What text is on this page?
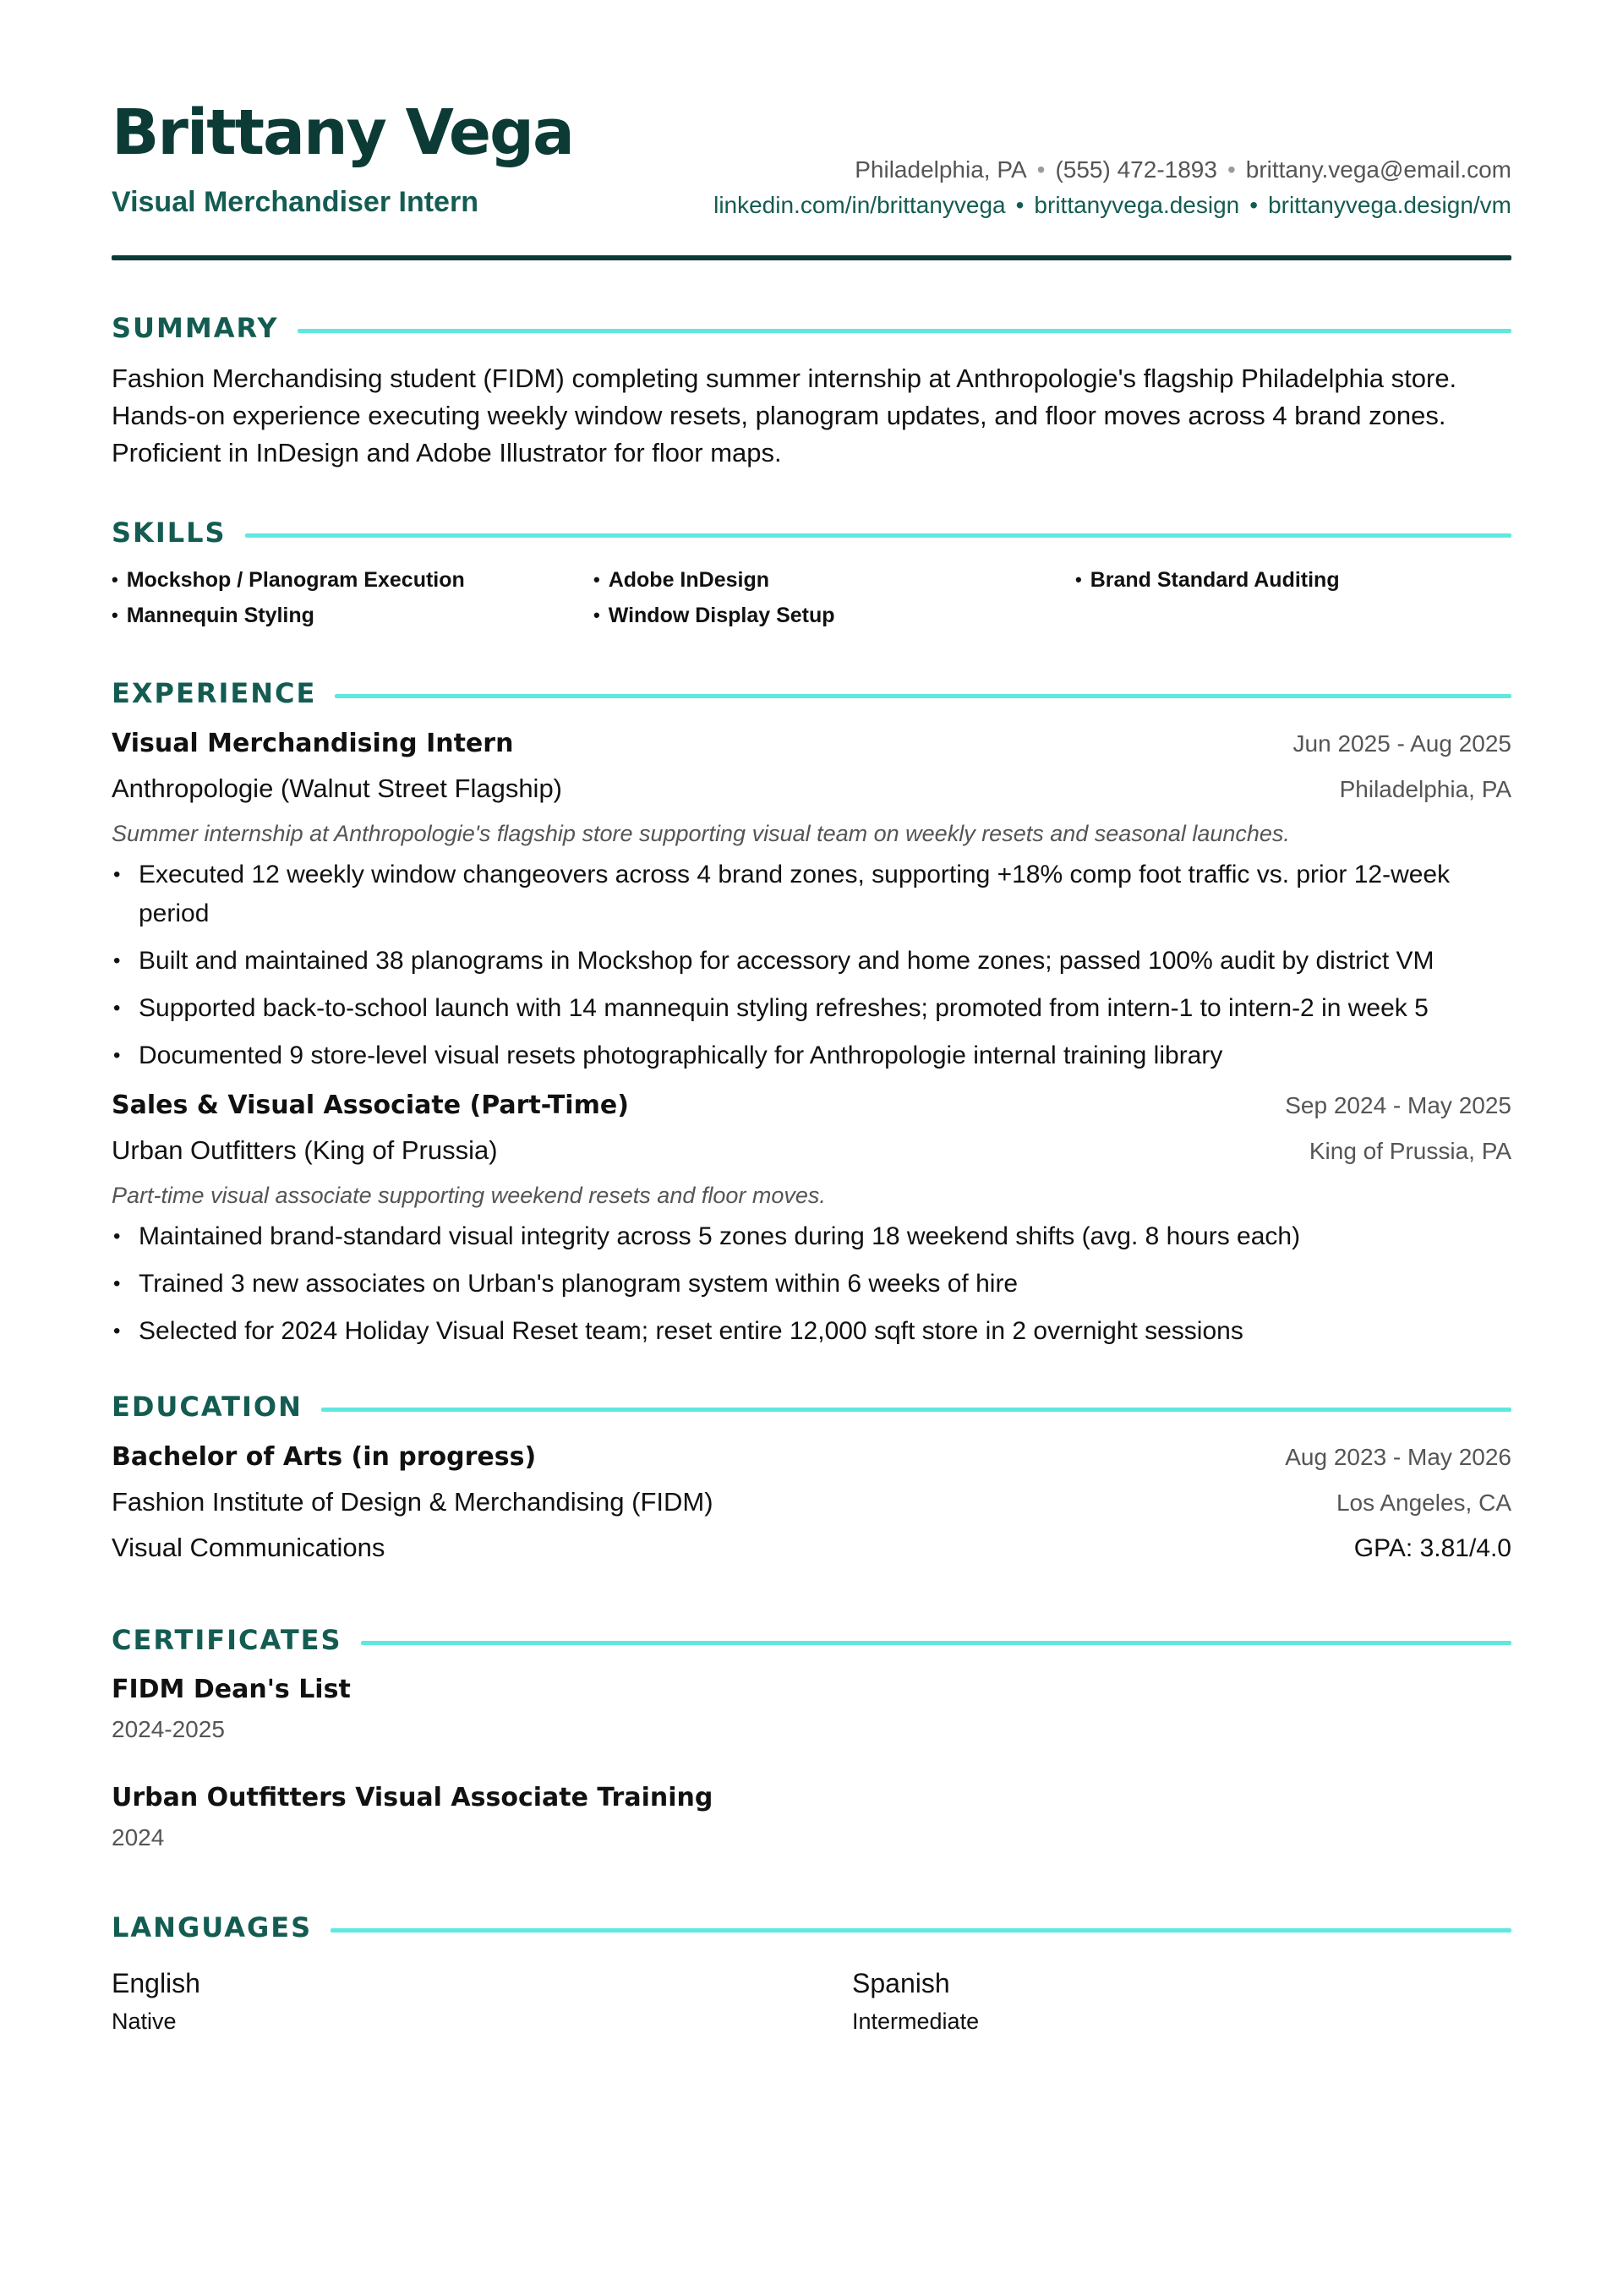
Brittany Vega
Visual Merchandiser Intern
Philadelphia, PA • (555) 472-1893 • brittany.vega@email.com
linkedin.com/in/brittanyvega • brittanyvega.design • brittanyvega.design/vm
SUMMARY

Fashion Merchandising student (FIDM) completing summer internship at Anthropologie's flagship Philadelphia store. Hands-on experience executing weekly window resets, planogram updates, and floor moves across 4 brand zones. Proficient in InDesign and Adobe Illustrator for floor maps.

SKILLS
• Mockshop / Planogram Execution	• Adobe InDesign	• Brand Standard Auditing
• Mannequin Styling	• Window Display Setup
EXPERIENCE
Visual Merchandising Intern	Jun 2025 - Aug 2025
Anthropologie (Walnut Street Flagship)	Philadelphia, PA
Summer internship at Anthropologie's flagship store supporting visual team on weekly resets and seasonal launches.
• Executed 12 weekly window changeovers across 4 brand zones, supporting +18% comp foot traffic vs. prior 12-week period
• Built and maintained 38 planograms in Mockshop for accessory and home zones; passed 100% audit by district VM
• Supported back-to-school launch with 14 mannequin styling refreshes; promoted from intern-1 to intern-2 in week 5
• Documented 9 store-level visual resets photographically for Anthropologie internal training library
Sales & Visual Associate (Part-Time)	Sep 2024 - May 2025
Urban Outfitters (King of Prussia)	King of Prussia, PA
Part-time visual associate supporting weekend resets and floor moves.
• Maintained brand-standard visual integrity across 5 zones during 18 weekend shifts (avg. 8 hours each)
• Trained 3 new associates on Urban's planogram system within 6 weeks of hire
• Selected for 2024 Holiday Visual Reset team; reset entire 12,000 sqft store in 2 overnight sessions
EDUCATION
Bachelor of Arts (in progress)	Aug 2023 - May 2026
Fashion Institute of Design & Merchandising (FIDM)	Los Angeles, CA
Visual Communications	GPA: 3.81/4.0
CERTIFICATES
FIDM Dean's List
2024-2025
Urban Outfitters Visual Associate Training
2024
LANGUAGES
English
Native
Spanish
Intermediate
